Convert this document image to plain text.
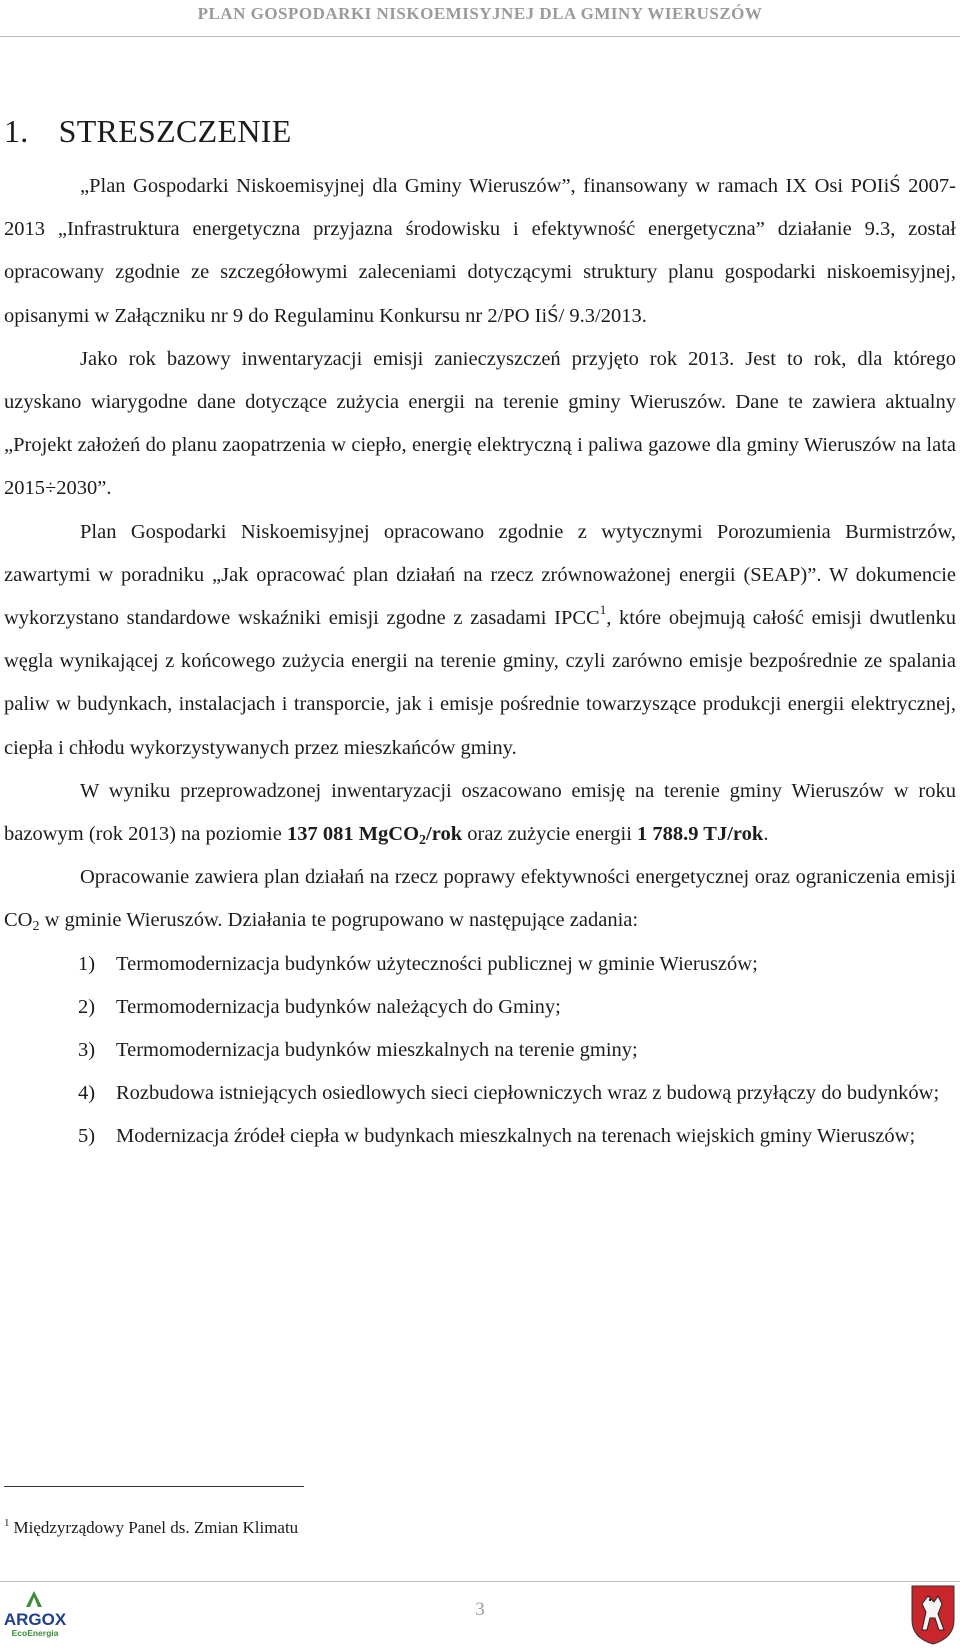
PLAN GOSPODARKI NISKOEMISYJNEJ DLA GMINY WIERUSZÓW
1. STRESZCZENIE

„Plan Gospodarki Niskoemisyjnej dla Gminy Wieruszów”, finansowany w ramach IX Osi POIiŚ 2007-2013 „Infrastruktura energetyczna przyjazna środowisku i efektywność energetyczna” działanie 9.3, został opracowany zgodnie ze szczegółowymi zaleceniami dotyczącymi struktury planu gospodarki niskoemisyjnej, opisanymi w Załączniku nr 9 do Regulaminu Konkursu nr 2/PO IiŚ/ 9.3/2013.

Jako rok bazowy inwentaryzacji emisji zanieczyszczeń przyjęto rok 2013. Jest to rok, dla którego uzyskano wiarygodne dane dotyczące zużycia energii na terenie gminy Wieruszów. Dane te zawiera aktualny „Projekt założeń do planu zaopatrzenia w ciepło, energię elektryczną i paliwa gazowe dla gminy Wieruszów na lata 2015÷2030”.

Plan Gospodarki Niskoemisyjnej opracowano zgodnie z wytycznymi Porozumienia Burmistrzów, zawartymi w poradniku „Jak opracować plan działań na rzecz zrównoważonej energii (SEAP)”. W dokumencie wykorzystano standardowe wskaźniki emisji zgodne z zasadami IPCC$^1$, które obejmują całość emisji dwutlenku węgla wynikającej z końcowego zużycia energii na terenie gminy, czyli zarówno emisje bezpośrednie ze spalania paliw w budynkach, instalacjach i transporcie, jak i emisje pośrednie towarzyszące produkcji energii elektrycznej, ciepła i chłodu wykorzystywanych przez mieszkańców gminy.

W wyniku przeprowadzonej inwentaryzacji oszacowano emisję na terenie gminy Wieruszów w roku bazowym (rok 2013) na poziomie 137 081 MgCO$_2$/rok oraz zużycie energii 1 788.9 TJ/rok.

Opracowanie zawiera plan działań na rzecz poprawy efektywności energetycznej oraz ograniczenia emisji $CO_2$ w gminie Wieruszów. Działania te pogrupowano w następujące zadania:

1) Termomodernizacja budynków użyteczności publicznej w gminie Wieruszów;
2) Termomodernizacja budynków należących do Gminy;
3) Termomodernizacja budynków mieszkalnych na terenie gminy;
4) Rozbudowa istniejących osiedlowych sieci ciepłowniczych wraz z budową przyłączy do budynków;
5) Modernizacja źródeł ciepła w budynkach mieszkalnych na terenach wiejskich gminy Wieruszów;
$^1$ Międzyrządowy Panel ds. Zmian Klimatu
ARGOX
EcoEnergia
3
